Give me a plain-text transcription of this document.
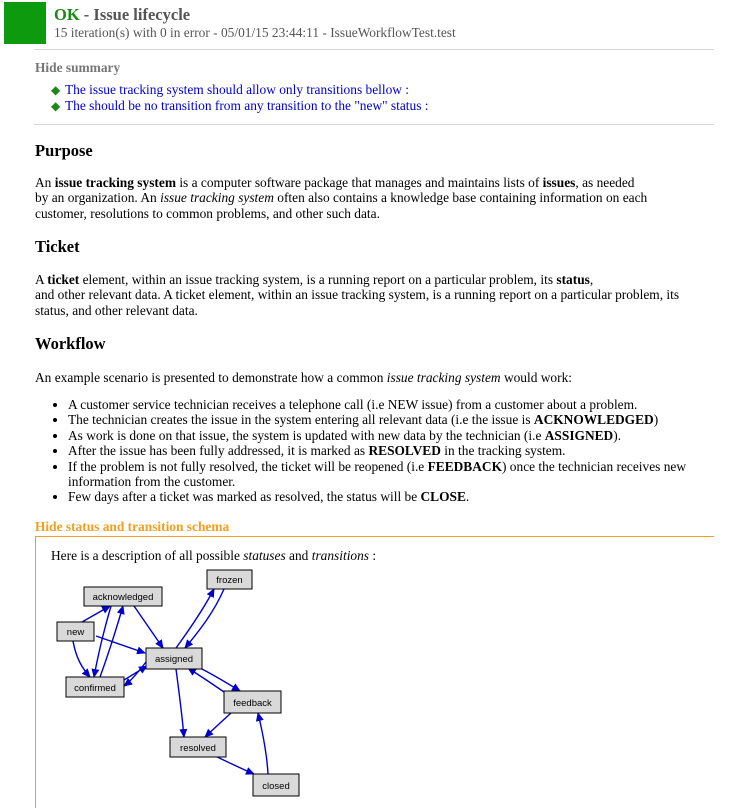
OK - Issue lifecycle
15 iteration(s) with 0 in error - 05/01/15 23:44:11 - IssueWorkflowTest.test
Hide summary
◆ The issue tracking system should allow only transitions bellow :
◆ The should be no transition from any transition to the "new" status :
Purpose
An issue tracking system is a computer software package that manages and maintains lists of issues, as needed
by an organization. An issue tracking system often also contains a knowledge base containing information on each customer, resolutions to common problems, and other such data.
Ticket
A ticket element, within an issue tracking system, is a running report on a particular problem, its status,
and other relevant data. A ticket element, within an issue tracking system, is a running report on a particular problem, its status, and other relevant data.
Workflow
An example scenario is presented to demonstrate how a common issue tracking system would work:
• A customer service technician receives a telephone call (i.e NEW issue) from a customer about a problem.
• The technician creates the issue in the system entering all relevant data (i.e the issue is ACKNOWLEDGED)
• As work is done on that issue, the system is updated with new data by the technician (i.e ASSIGNED).
• After the issue has been fully addressed, it is marked as RESOLVED in the tracking system.
• If the problem is not fully resolved, the ticket will be reopened (i.e FEEDBACK) once the technician receives new information from the customer.
• Few days after a ticket was marked as resolved, the status will be CLOSE.
Hide status and transition schema
Here is a description of all possible statuses and transitions :
frozen
acknowledged
new
assigned
confirmed
feedback
resolved
closed
